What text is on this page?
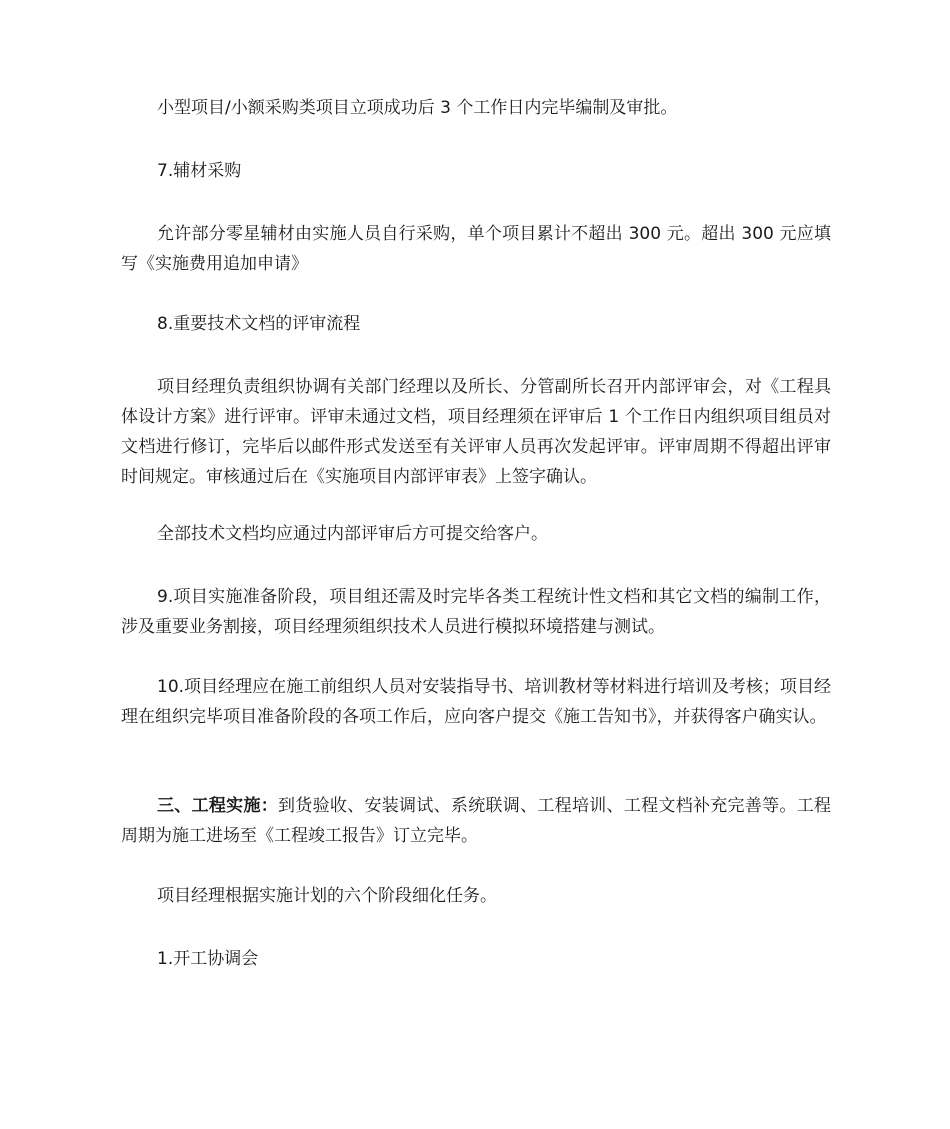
小型项目/小额采购类项目立项成功后 3 个工作日内完毕编制及审批。

7.辅材采购

允许部分零星辅材由实施人员自行采购，单个项目累计不超出 300 元。超出 300 元应填写《实施费用追加申请》

8.重要技术文档的评审流程

项目经理负责组织协调有关部门经理以及所长、分管副所长召开内部评审会，对《工程具体设计方案》进行评审。评审未通过文档，项目经理须在评审后 1 个工作日内组织项目组员对文档进行修订，完毕后以邮件形式发送至有关评审人员再次发起评审。评审周期不得超出评审时间规定。审核通过后在《实施项目内部评审表》上签字确认。

全部技术文档均应通过内部评审后方可提交给客户。

9.项目实施准备阶段，项目组还需及时完毕各类工程统计性文档和其它文档的编制工作，涉及重要业务割接，项目经理须组织技术人员进行模拟环境搭建与测试。

10.项目经理应在施工前组织人员对安装指导书、培训教材等材料进行培训及考核；项目经理在组织完毕项目准备阶段的各项工作后，应向客户提交《施工告知书》，并获得客户确实认。

三、工程实施：到货验收、安装调试、系统联调、工程培训、工程文档补充完善等。工程周期为施工进场至《工程竣工报告》订立完毕。

项目经理根据实施计划的六个阶段细化任务。

1.开工协调会
